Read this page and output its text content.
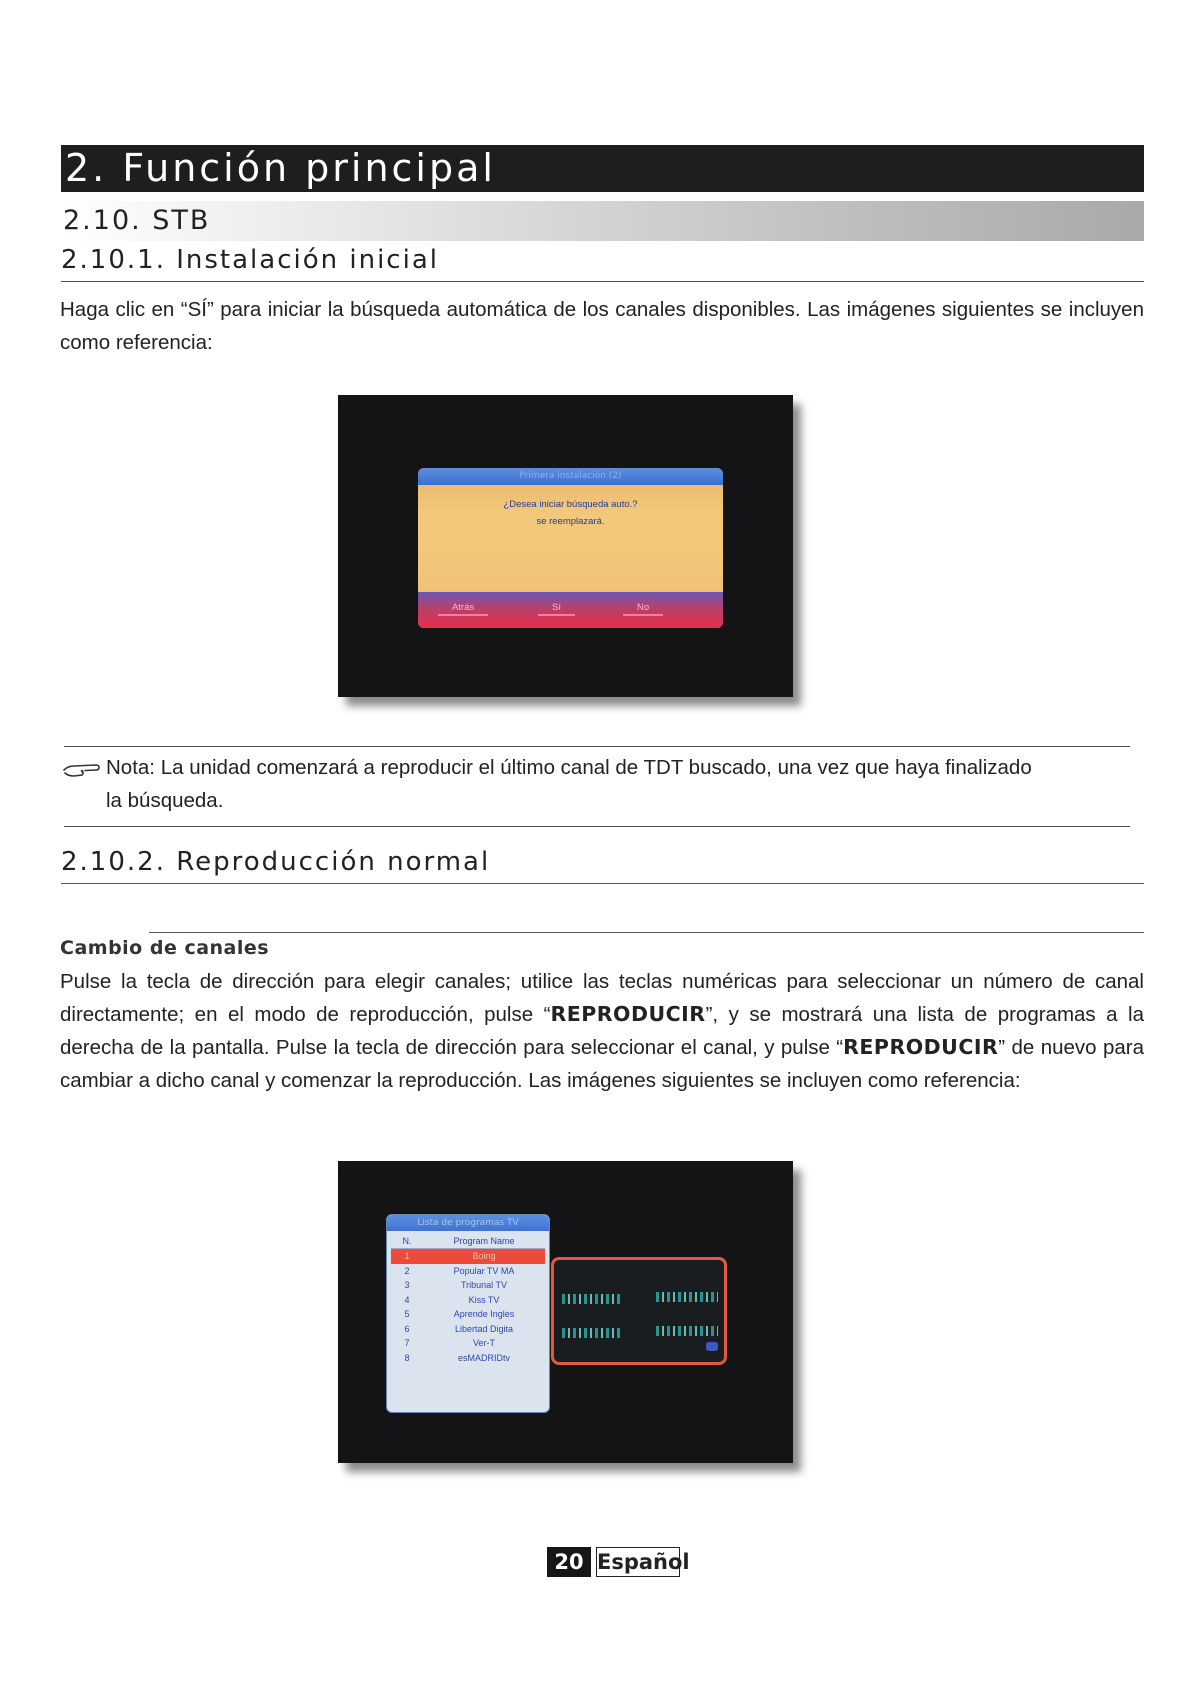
2. Función principal
2.10. STB
2.10.1. Instalación inicial
Haga clic en “SÍ” para iniciar la búsqueda automática de los canales disponibles. Las imágenes siguientes se incluyen como referencia:
Primera instalación (2)
¿Desea iniciar búsqueda auto.?
se reemplazará.
Atrás	Sí	No
Nota: La unidad comenzará a reproducir el último canal de TDT buscado, una vez que haya finalizado
la búsqueda.
2.10.2. Reproducción normal
Cambio de canales
Pulse la tecla de dirección para elegir canales; utilice las teclas numéricas para seleccionar un número de canal directamente; en el modo de reproducción, pulse “REPRODUCIR”, y se mostrará una lista de programas a la derecha de la pantalla. Pulse la tecla de dirección para seleccionar el canal, y pulse “REPRODUCIR” de nuevo para cambiar a dicho canal y comenzar la reproducción. Las imágenes siguientes se incluyen como referencia:
Lista de programas TV
N.	Program Name
1	Boing
2	Popular TV MA
3	Tribunal TV
4	Kiss TV
5	Aprende Ingles
6	Libertad Digita
7	Ver-T
8	esMADRIDtv
20 Español
